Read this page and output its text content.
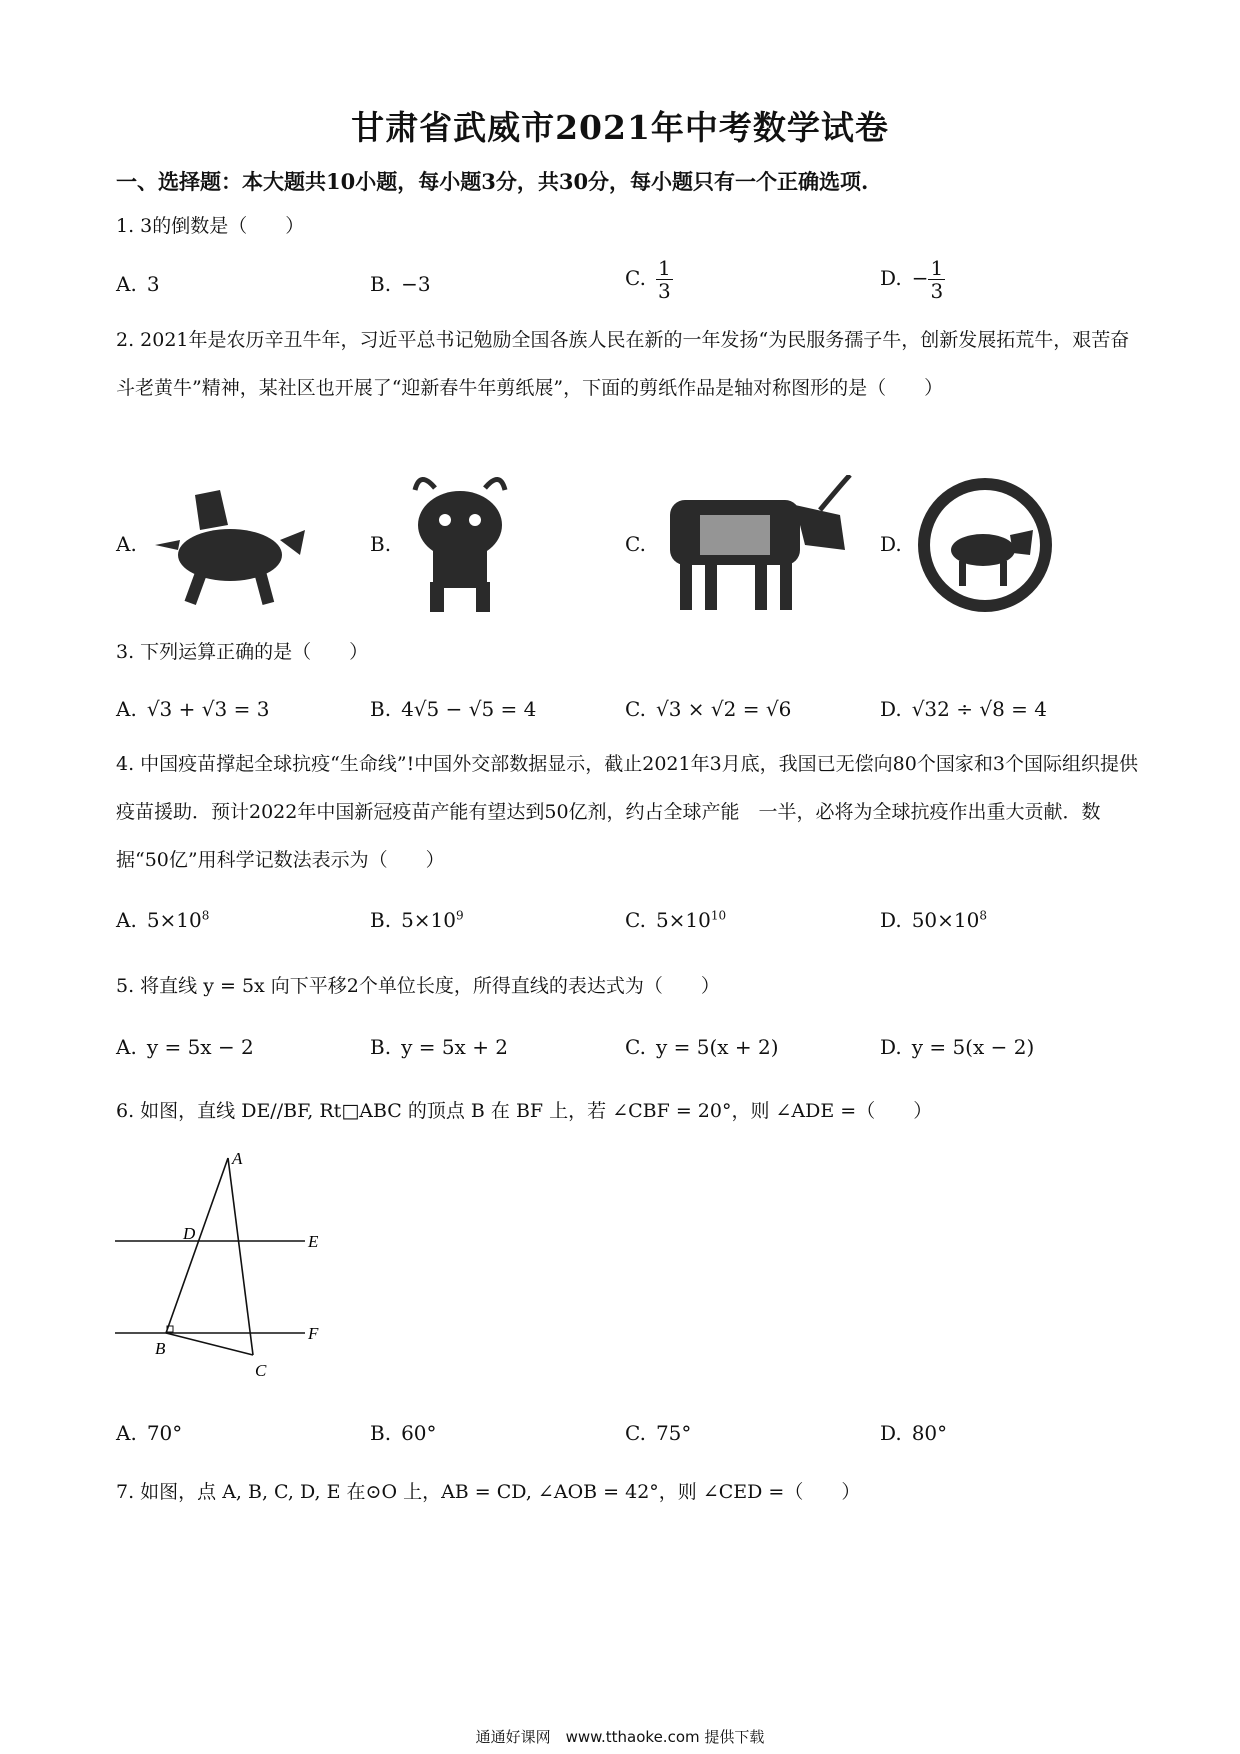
甘肃省武威市2021年中考数学试卷
一、选择题：本大题共10小题，每小题3分，共30分，每小题只有一个正确选项.
1. 3的倒数是（　　）
A. 3	B. −3	C. $\frac{1}{3}$	D. − $\frac{1}{3}$
2. 2021年是农历辛丑牛年，习近平总书记勉励全国各族人民在新的一年发扬“为民服务孺子牛，创新发展拓荒牛，艰苦奋斗老黄牛”精神，某社区也开展了“迎新春牛年剪纸展”，下面的剪纸作品是轴对称图形的是（　　）
A.	B.	C.	D.
3. 下列运算正确的是（　　）
A. √3 + √3 = 3	B. 4√5 − √5 = 4	C. √3 × √2 = √6	D. √32 ÷ √8 = 4
4. 中国疫苗撑起全球抗疫“生命线”!中国外交部数据显示，截止2021年3月底，我国已无偿向80个国家和3个国际组织提供疫苗援助．预计2022年中国新冠疫苗产能有望达到50亿剂，约占全球产能　一半，必将为全球抗疫作出重大贡献．数据“50亿”用科学记数法表示为（　　）
A. $5\times 10^8$	B. $5\times 10^9$	C. $5\times 10^{10}$	D. $50\times 10^8$
5. 将直线 y = 5x 向下平移2个单位长度，所得直线的表达式为（　　）
A. y = 5x − 2	B. y = 5x + 2	C. y = 5(x + 2)	D. y = 5(x − 2)
6. 如图，直线 DE//BF, Rt□ABC 的顶点 B 在 BF 上，若 ∠CBF = 20°，则 ∠ADE =（　　）
A
D	E
B
F
C
A. 70°	B. 60°	C. 75°	D. 80°
7. 如图，点 A, B, C, D, E 在⊙O 上，AB = CD, ∠AOB = 42°，则 ∠CED =（　　）
通通好课网　www.tthaoke.com 提供下载
